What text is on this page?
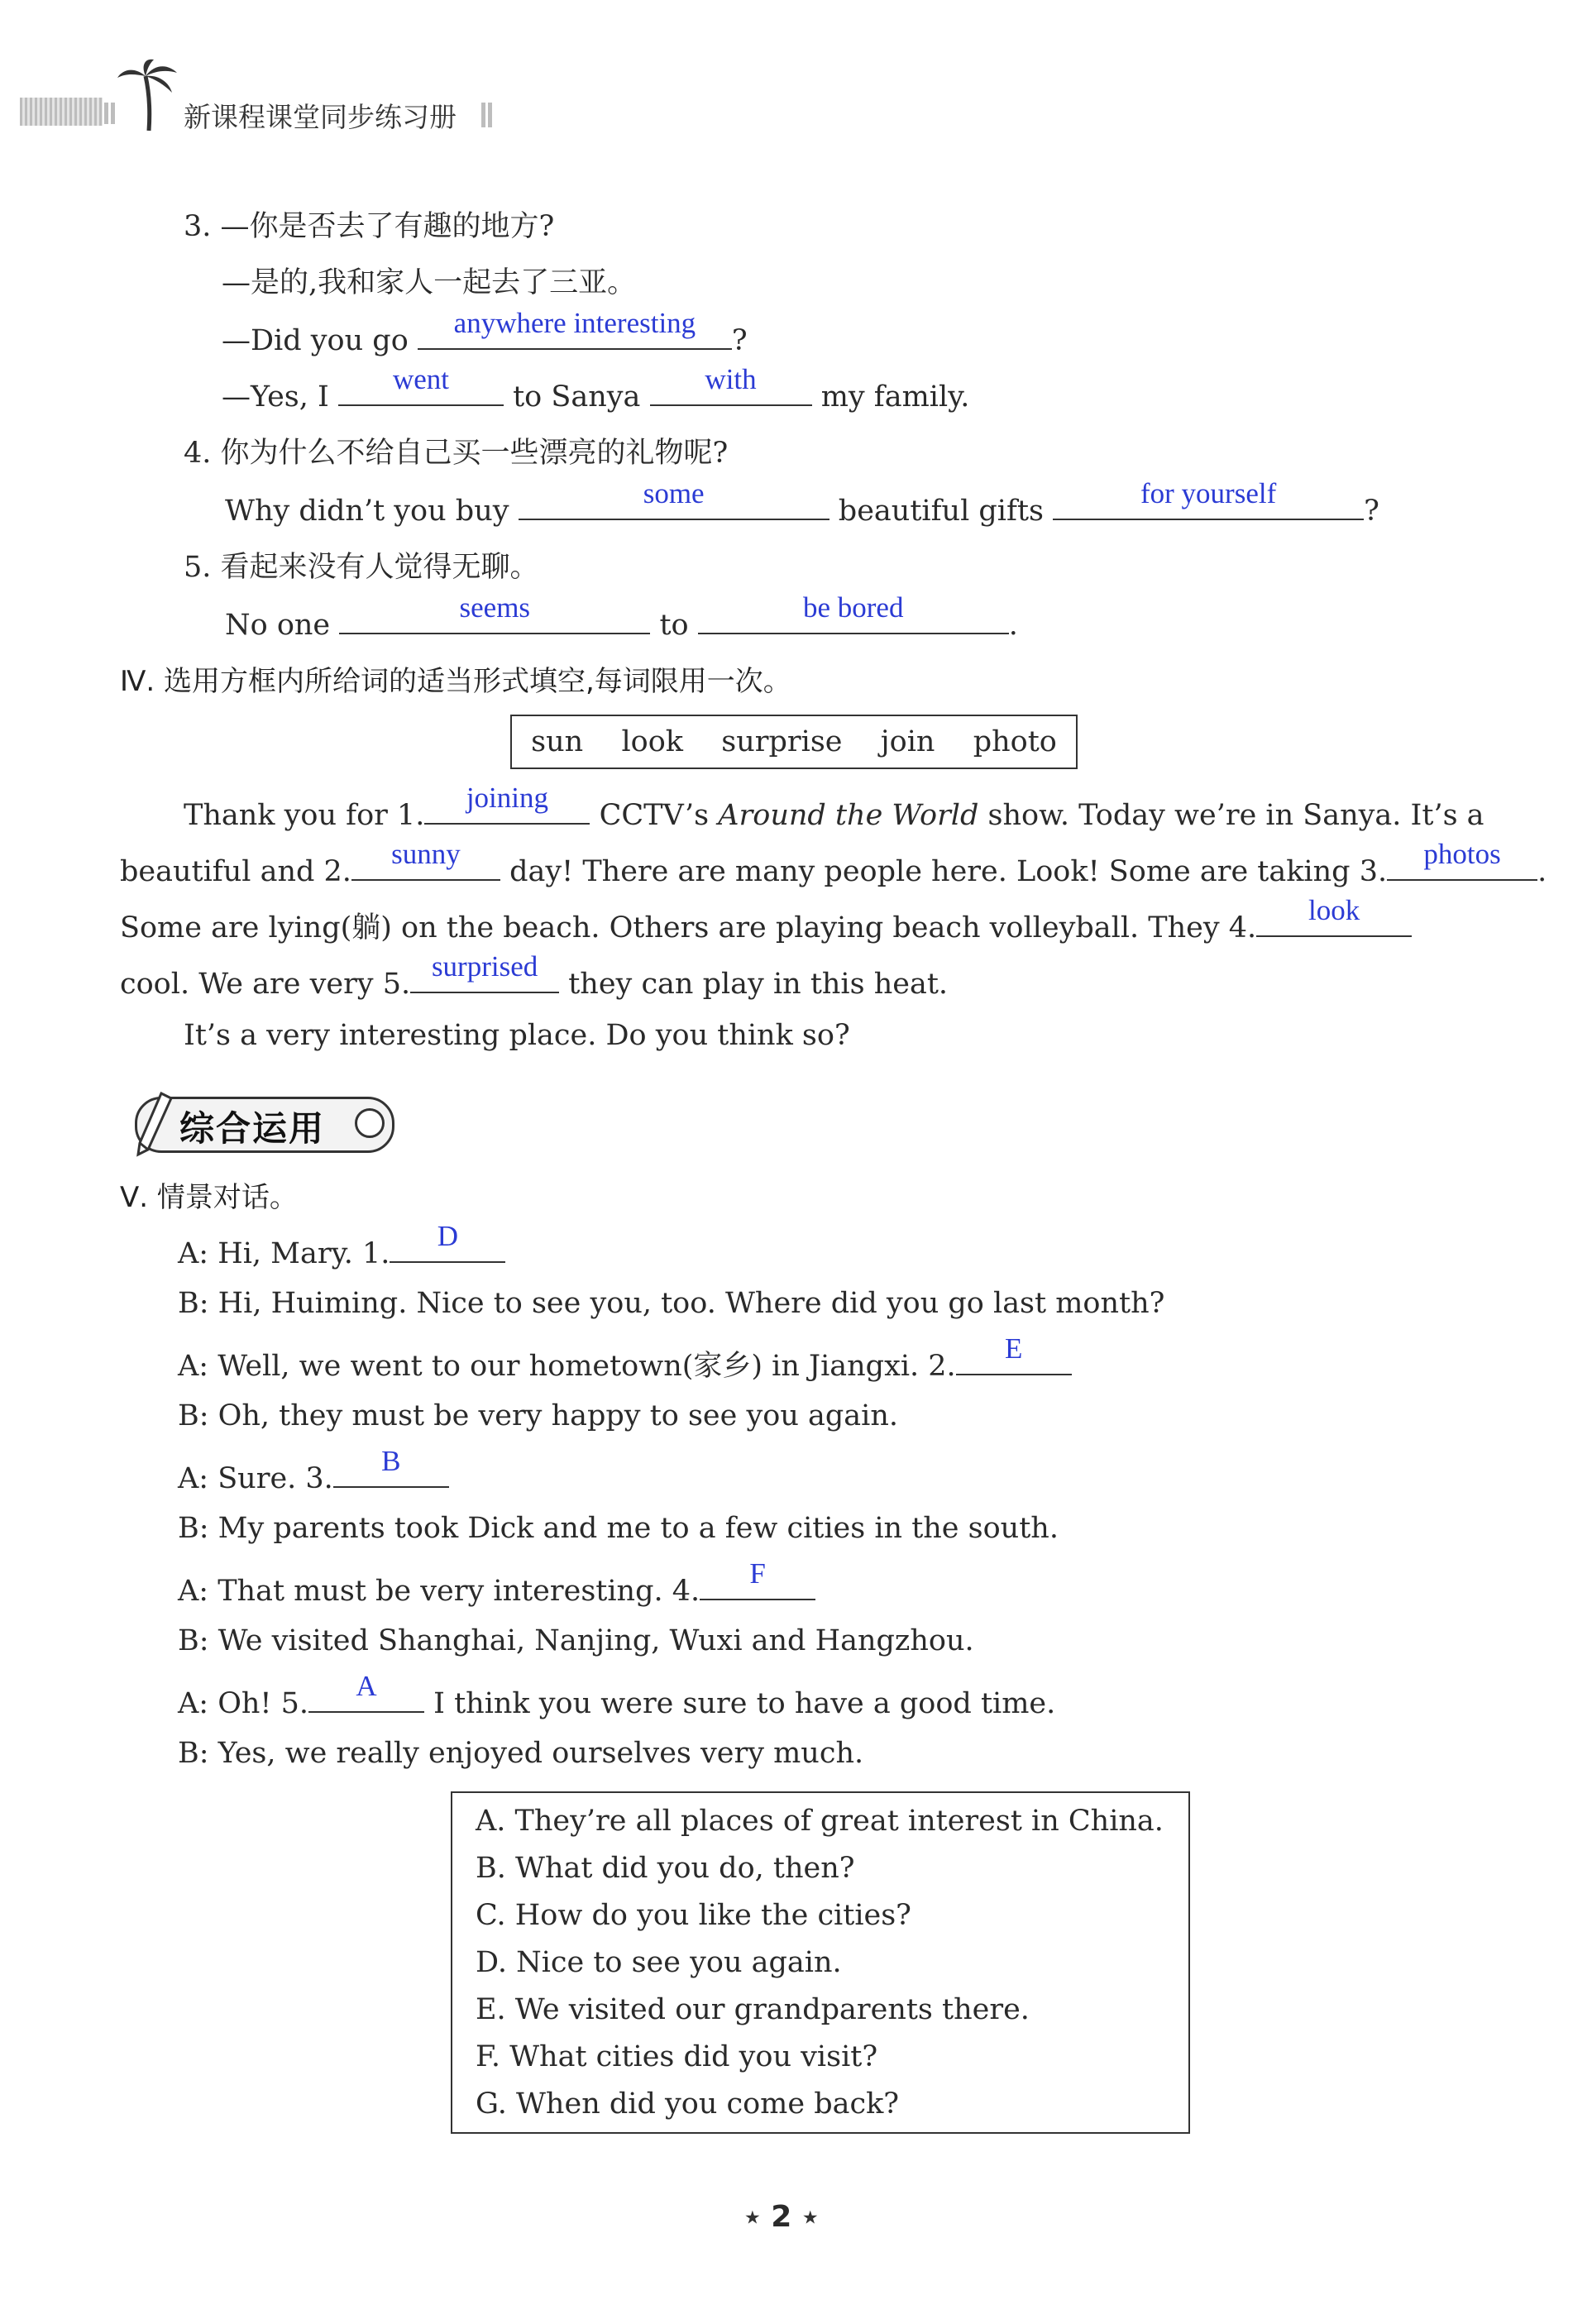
新课程课堂同步练习册
3. —你是否去了有趣的地方?
—是的,我和家人一起去了三亚。
—Did you go
anywhere interesting
?
—Yes, I
went
to Sanya
with
my family.
4. 你为什么不给自己买一些漂亮的礼物呢?
Why didn’t you buy
some
beautiful gifts
for yourself
?
5. 看起来没有人觉得无聊。
No one
seems
to
be bored
.
Ⅳ. 选用方框内所给词的适当形式填空,每词限用一次。
sun look surprise join photo
Thank you for 1.
joining
CCTV’s Around the World show. Today we’re in Sanya. It’s a
beautiful and 2.
sunny
day! There are many people here. Look! Some are taking 3.
photos
.
Some are lying(躺) on the beach. Others are playing beach volleyball. They 4.
look
cool. We are very 5.
surprised
they can play in this heat.
It’s a very interesting place. Do you think so?
综合运用
Ⅴ. 情景对话。
A: Hi, Mary. 1.
D
B: Hi, Huiming. Nice to see you, too. Where did you go last month?
A: Well, we went to our hometown(家乡) in Jiangxi. 2.
E
B: Oh, they must be very happy to see you again.
A: Sure. 3.
B
B: My parents took Dick and me to a few cities in the south.
A: That must be very interesting. 4.
F
B: We visited Shanghai, Nanjing, Wuxi and Hangzhou.
A: Oh! 5.
A
I think you were sure to have a good time.
B: Yes, we really enjoyed ourselves very much.
A. They’re all places of great interest in China.
B. What did you do, then?
C. How do you like the cities?
D. Nice to see you again.
E. We visited our grandparents there.
F. What cities did you visit?
G. When did you come back?
★ 2 ★
